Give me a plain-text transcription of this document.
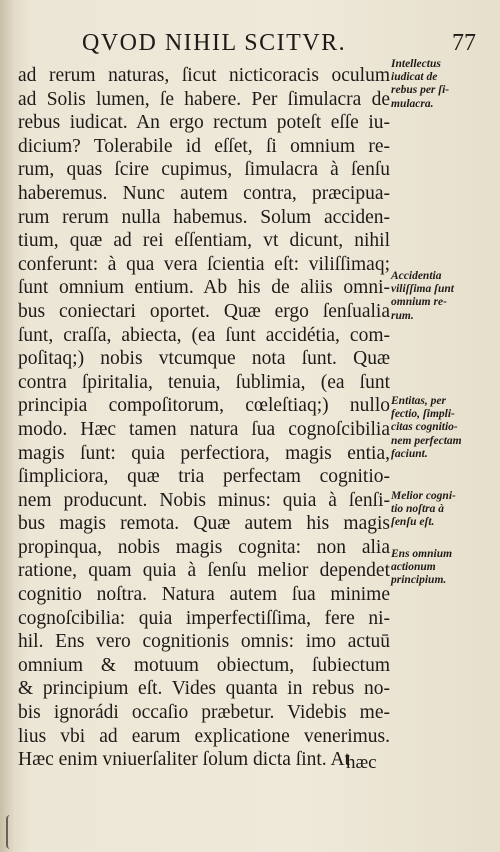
QVOD NIHIL SCITVR.	77
ad rerum naturas, ſicut nicticoracis oculum
ad Solis lumen, ſe habere. Per ſimulacra de
rebus iudicat. An ergo rectum poteſt eſſe iu-
dicium? Tolerabile id eſſet, ſi omnium re-
rum, quas ſcire cupimus, ſimulacra à ſenſu
haberemus. Nunc autem contra, præcipua-
rum rerum nulla habemus. Solum acciden-
tium, quæ ad rei eſſentiam, vt dicunt, nihil
conferunt: à qua vera ſcientia eſt: viliſſimaq;
ſunt omnium entium. Ab his de aliis omni-
bus coniectari oportet. Quæ ergo ſenſualia
ſunt, craſſa, abiecta, (ea ſunt accidétia, com-
poſitaq;) nobis vtcumque nota ſunt. Quæ
contra ſpiritalia, tenuia, ſublimia, (ea ſunt
principia compoſitorum, cœleſtiaq;) nullo
modo. Hæc tamen natura ſua cognoſcibilia
magis ſunt: quia perfectiora, magis entia,
ſimpliciora, quæ tria perfectam cognitio-
nem producunt. Nobis minus: quia à ſenſi-
bus magis remota. Quæ autem his magis
propinqua, nobis magis cognita: non alia
ratione, quam quia à ſenſu melior dependet
cognitio noſtra. Natura autem ſua minime
cognoſcibilia: quia imperfectiſſima, fere ni-
hil. Ens vero cognitionis omnis: imo actuū
omnium & motuum obiectum, ſubiectum
& principium eſt. Vides quanta in rebus no-
bis ignorádi occaſio præbetur. Videbis me-
lius vbi ad earum explicatione venerimus.
Hæc enim vniuerſaliter ſolum dicta ſint. At
hæc
Intellectus
iudicat de
rebus per ſi-
mulacra.
Accidentia
viliſſima ſunt
omnium re-
rum.
Entitas, per
fectio, ſimpli-
citas cognitio-
nem perfectam
faciunt.
Melior cogni-
tio noſtra à
ſenſu eſt.
Ens omnium
actionum
principium.
